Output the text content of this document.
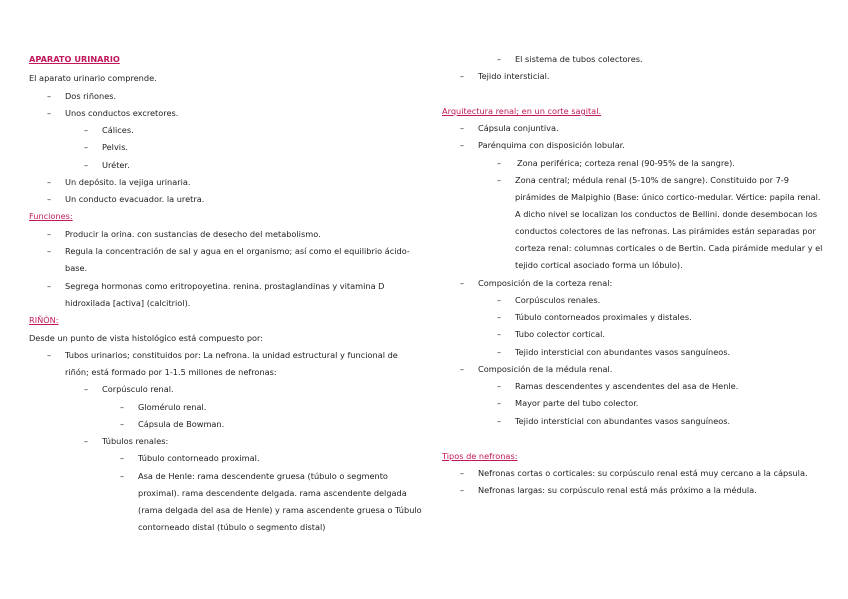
APARATO URINARIO
El aparato urinario comprende.
– Dos riñones.
– Unos conductos excretores.
– Cálices.
– Pelvis.
– Uréter.
– Un depósito. la vejiga urinaria.
– Un conducto evacuador. la uretra.
Funciones:
– Producir la orina. con sustancias de desecho del metabolismo.
– Regula la concentración de sal y agua en el organismo; así como el equilibrio ácido-
base.
– Segrega hormonas como eritropoyetina. renina. prostaglandinas y vitamina D
hidroxilada [activa] (calcitriol).
RIÑÓN:
Desde un punto de vista histológico está compuesto por:
– Tubos urinarios; constituidos por: La nefrona. la unidad estructural y funcional de
riñón; está formado por 1-1.5 millones de nefronas:
– Corpúsculo renal.
– Glomérulo renal.
– Cápsula de Bowman.
– Túbulos renales:
– Túbulo contorneado proximal.
– Asa de Henle: rama descendente gruesa (túbulo o segmento
proximal). rama descendente delgada. rama ascendente delgada
(rama delgada del asa de Henle) y rama ascendente gruesa o Túbulo
contorneado distal (túbulo o segmento distal)
– El sistema de tubos colectores.
– Tejido intersticial.
Arquitectura renal; en un corte sagital.
– Cápsula conjuntiva.
– Parénquima con disposición lobular.
– Zona periférica; corteza renal (90-95% de la sangre).
– Zona central; médula renal (5-10% de sangre). Constituido por 7-9
pirámides de Malpighio (Base: único cortico-medular. Vértice: papila renal.
A dicho nivel se localizan los conductos de Bellini. donde desembocan los
conductos colectores de las nefronas. Las pirámides están separadas por
corteza renal: columnas corticales o de Bertin. Cada pirámide medular y el
tejido cortical asociado forma un lóbulo).
– Composición de la corteza renal:
– Corpúsculos renales.
– Túbulo contorneados proximales y distales.
– Tubo colector cortical.
– Tejido intersticial con abundantes vasos sanguíneos.
– Composición de la médula renal.
– Ramas descendentes y ascendentes del asa de Henle.
– Mayor parte del tubo colector.
– Tejido intersticial con abundantes vasos sanguíneos.
Tipos de nefronas:
– Nefronas cortas o corticales: su corpúsculo renal está muy cercano a la cápsula.
– Nefronas largas: su corpúsculo renal está más próximo a la médula.
